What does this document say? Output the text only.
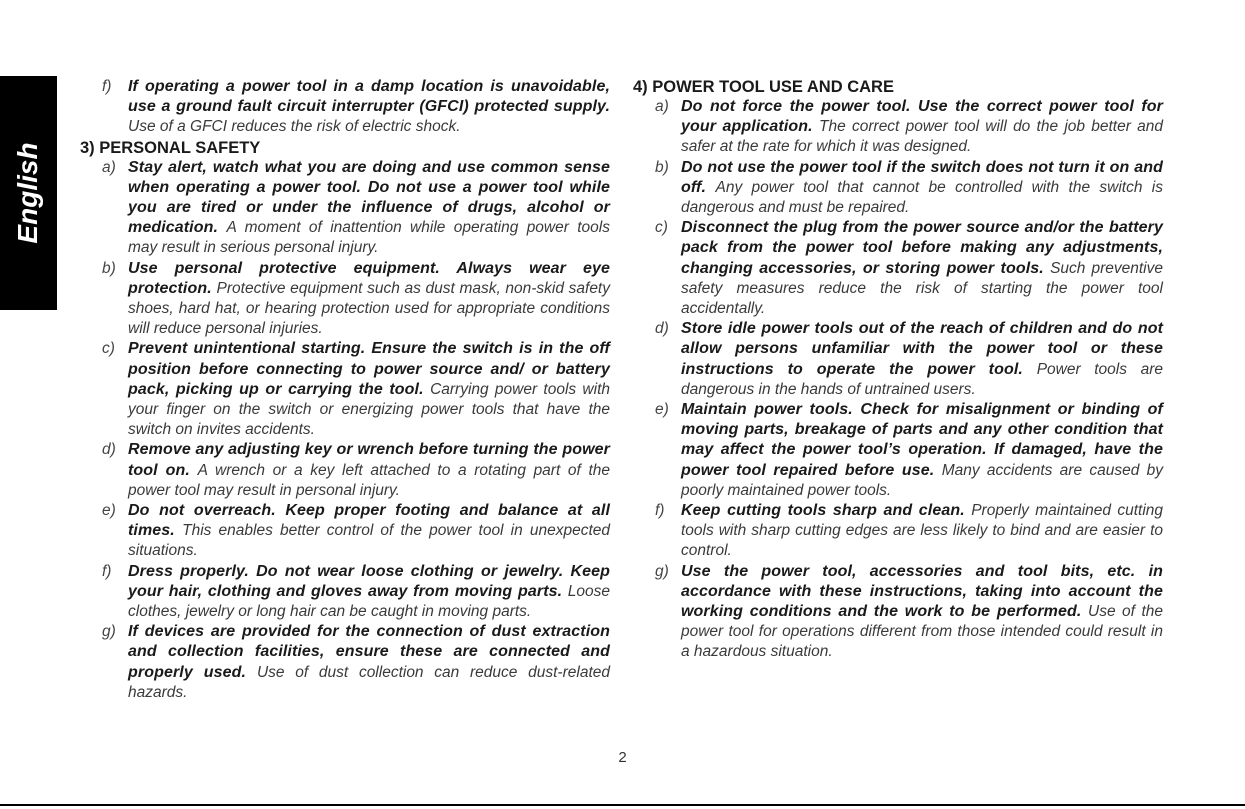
English
f) If operating a power tool in a damp location is unavoidable, use a ground fault circuit interrupter (GFCI) protected supply. Use of a GFCI reduces the risk of electric shock.
3) PERSONAL SAFETY
a) Stay alert, watch what you are doing and use common sense when operating a power tool. Do not use a power tool while you are tired or under the influence of drugs, alcohol or medication. A moment of inattention while operating power tools may result in serious personal injury.
b) Use personal protective equipment. Always wear eye protection. Protective equipment such as dust mask, non-skid safety shoes, hard hat, or hearing protection used for appropriate conditions will reduce personal injuries.
c) Prevent unintentional starting. Ensure the switch is in the off position before connecting to power source and/ or battery pack, picking up or carrying the tool. Carrying power tools with your finger on the switch or energizing power tools that have the switch on invites accidents.
d) Remove any adjusting key or wrench before turning the power tool on. A wrench or a key left attached to a rotating part of the power tool may result in personal injury.
e) Do not overreach. Keep proper footing and balance at all times. This enables better control of the power tool in unexpected situations.
f) Dress properly. Do not wear loose clothing or jewelry. Keep your hair, clothing and gloves away from moving parts. Loose clothes, jewelry or long hair can be caught in moving parts.
g) If devices are provided for the connection of dust extraction and collection facilities, ensure these are connected and properly used. Use of dust collection can reduce dust-related hazards.
4) POWER TOOL USE AND CARE
a) Do not force the power tool. Use the correct power tool for your application. The correct power tool will do the job better and safer at the rate for which it was designed.
b) Do not use the power tool if the switch does not turn it on and off. Any power tool that cannot be controlled with the switch is dangerous and must be repaired.
c) Disconnect the plug from the power source and/or the battery pack from the power tool before making any adjustments, changing accessories, or storing power tools. Such preventive safety measures reduce the risk of starting the power tool accidentally.
d) Store idle power tools out of the reach of children and do not allow persons unfamiliar with the power tool or these instructions to operate the power tool. Power tools are dangerous in the hands of untrained users.
e) Maintain power tools. Check for misalignment or binding of moving parts, breakage of parts and any other condition that may affect the power tool’s operation. If damaged, have the power tool repaired before use. Many accidents are caused by poorly maintained power tools.
f) Keep cutting tools sharp and clean. Properly maintained cutting tools with sharp cutting edges are less likely to bind and are easier to control.
g) Use the power tool, accessories and tool bits, etc. in accordance with these instructions, taking into account the working conditions and the work to be performed. Use of the power tool for operations different from those intended could result in a hazardous situation.
2
